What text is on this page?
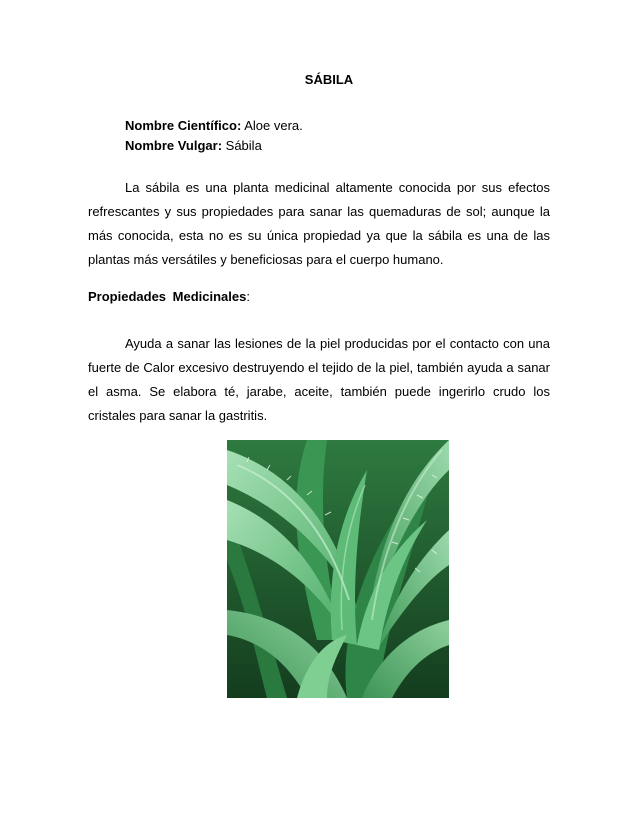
SÁBILA
Nombre Científico: Aloe vera.
Nombre Vulgar: Sábila

La sábila es una planta medicinal altamente conocida por sus efectos refrescantes y sus propiedades para sanar las quemaduras de sol; aunque la más conocida, esta no es su única propiedad ya que la sábila es una de las plantas más versátiles y beneficiosas para el cuerpo humano.

Propiedades Medicinales:

Ayuda a sanar las lesiones de la piel producidas por el contacto con una fuerte de Calor excesivo destruyendo el tejido de la piel, también ayuda a sanar el asma. Se elabora té, jarabe, aceite, también puede ingerirlo crudo los cristales para sanar la gastritis.
